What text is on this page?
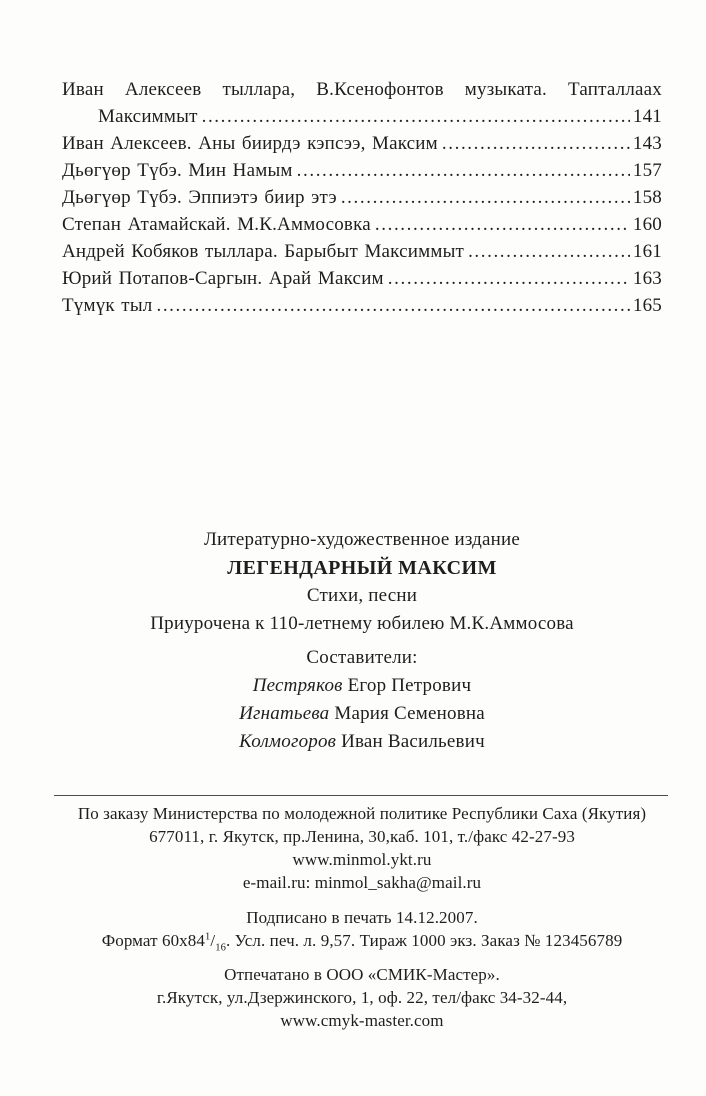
Иван Алексеев тыллара, В.Ксенофонтов музыката. Тапталлаах
Максиммыт .....	141
Иван Алексеев. Аны биирдэ кэпсээ, Максим .....	143
Дьөгүөр Түбэ. Мин Намым .....	157
Дьөгүөр Түбэ. Эппиэтэ биир этэ .....	158
Степан Атамайскай. М.К.Аммосовка .....	160
Андрей Кобяков тыллара. Барыбыт Максиммыт .....	161
Юрий Потапов-Саргын. Арай Максим .....	163
Түмүк тыл .....	165
Литературно-художественное издание
ЛЕГЕНДАРНЫЙ МАКСИМ
Стихи, песни
Приурочена к 110-летнему юбилею М.К.Аммосова
Составители:
Пестряков Егор Петрович
Игнатьева Мария Семеновна
Колмогоров Иван Васильевич
По заказу Министерства по молодежной политике Республики Саха (Якутия)
677011, г. Якутск, пр.Ленина, 30,каб. 101, т./факс 42-27-93
www.minmol.ykt.ru
e-mail.ru: minmol_sakha@mail.ru
Подписано в печать 14.12.2007.
Формат $60x84^1/_{16}$. Усл. печ. л. 9,57. Тираж 1000 экз. Заказ № 123456789
Отпечатано в ООО «СМИК-Мастер».
г.Якутск, ул.Дзержинского, 1, оф. 22, тел/факс 34-32-44,
www.cmyk-master.com
